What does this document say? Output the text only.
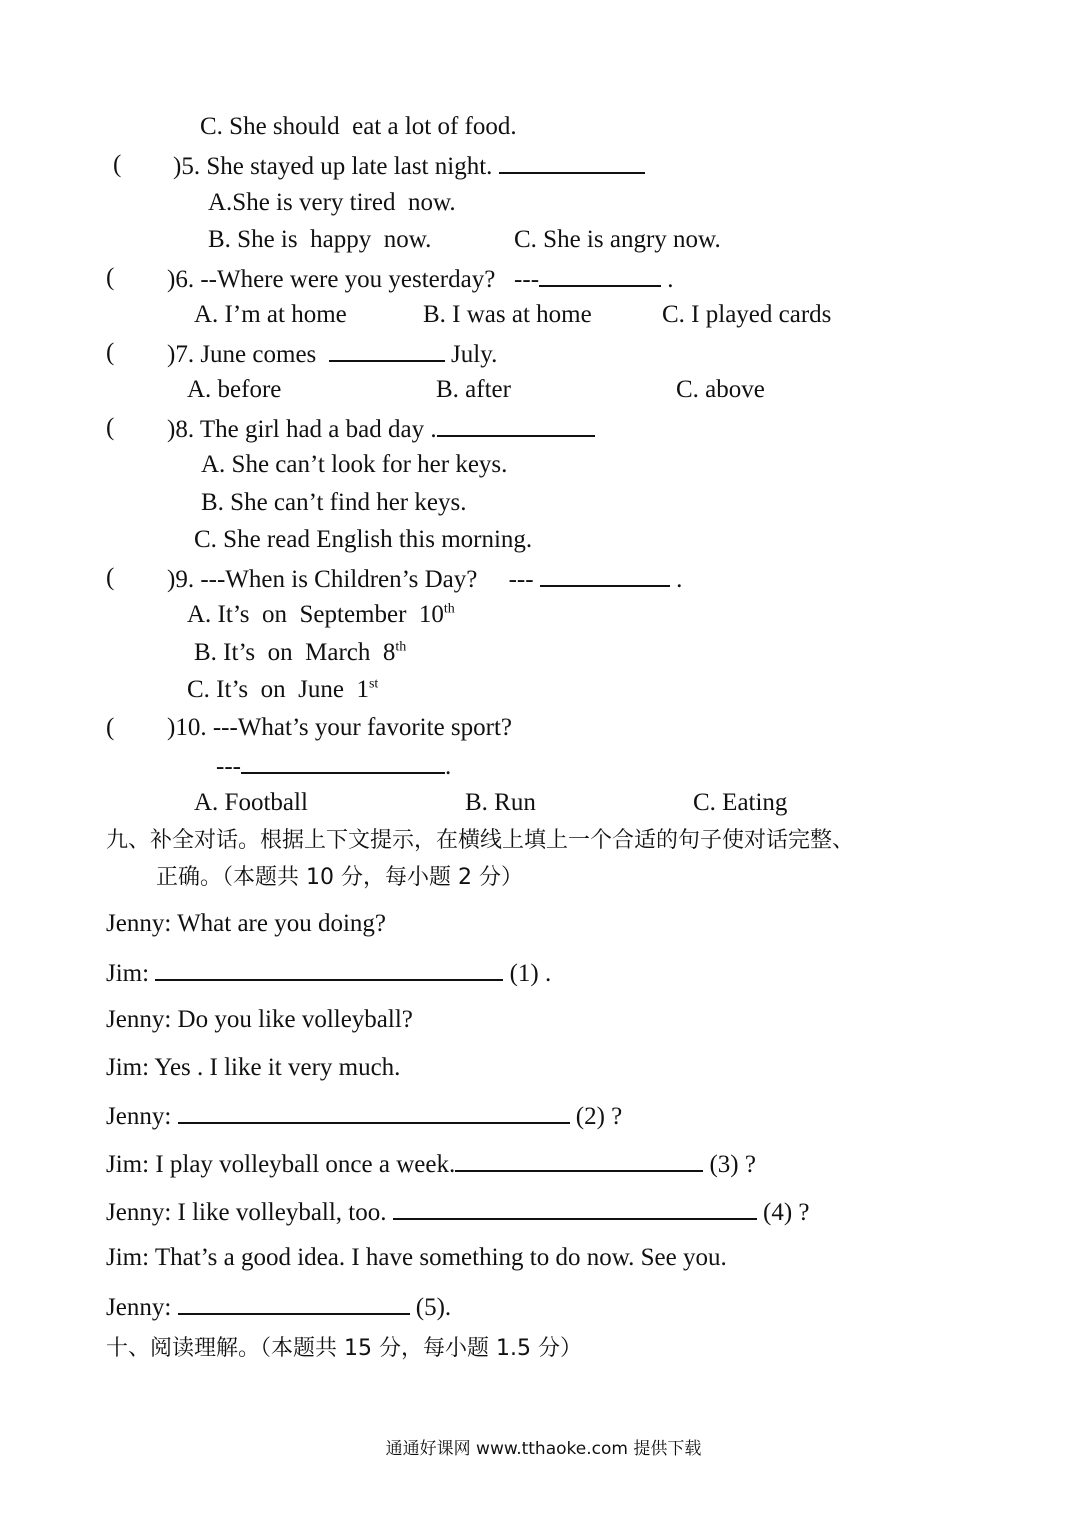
C. She should  eat a lot of food.
( )5. She stayed up late last night.
A.She is very tired  now.
B. She is  happy  now.	C. She is angry now.
( )6. --Where were you yesterday?   ---	.
A. I’m at home	B. I was at home	C. I played cards
( )7. June comes	July.
A. before	B. after	C. above
( )8. The girl had a bad day .
A. She can’t look for her keys.
B. She can’t find her keys.
C. She read English this morning.
( )9. ---When is Children’s Day?     ---	.
A. It’s  on  September  10th
B. It’s  on  March  8th
C. It’s  on  June  1st
( )10. ---What’s your favorite sport?
---	.
A. Football	B. Run	C. Eating
九、补全对话。根据上下文提示，在横线上填上一个合适的句子使对话完整、
正确。（本题共 10 分，每小题 2 分）
Jenny: What are you doing?
Jim:	(1) .
Jenny: Do you like volleyball?
Jim: Yes . I like it very much.
Jenny:	(2) ?
Jim: I play volleyball once a week.	(3) ?
Jenny: I like volleyball, too.	(4) ?
Jim: That’s a good idea. I have something to do now. See you.
Jenny:	(5).
十、阅读理解。（本题共 15 分，每小题 1.5 分）
通通好课网 www.tthaoke.com 提供下载
